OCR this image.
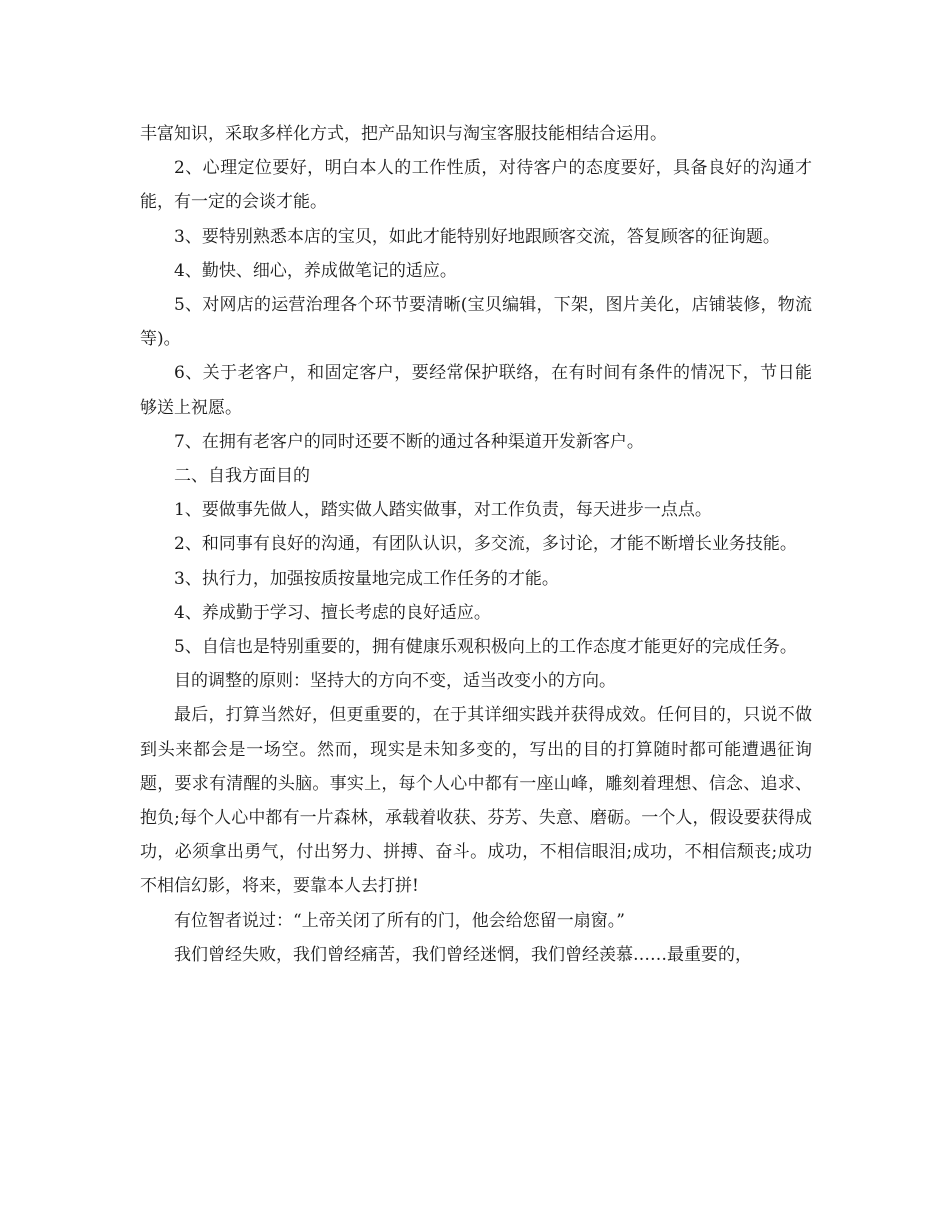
丰富知识，采取多样化方式，把产品知识与淘宝客服技能相结合运用。

2、心理定位要好，明白本人的工作性质，对待客户的态度要好，具备良好的沟通才能，有一定的会谈才能。

3、要特别熟悉本店的宝贝，如此才能特别好地跟顾客交流，答复顾客的征询题。

4、勤快、细心，养成做笔记的适应。

5、对网店的运营治理各个环节要清晰(宝贝编辑，下架，图片美化，店铺装修，物流等)。

6、关于老客户，和固定客户，要经常保护联络，在有时间有条件的情况下，节日能够送上祝愿。

7、在拥有老客户的同时还要不断的通过各种渠道开发新客户。

二、自我方面目的

1、要做事先做人，踏实做人踏实做事，对工作负责，每天进步一点点。

2、和同事有良好的沟通，有团队认识，多交流，多讨论，才能不断增长业务技能。

3、执行力，加强按质按量地完成工作任务的才能。

4、养成勤于学习、擅长考虑的良好适应。

5、自信也是特别重要的，拥有健康乐观积极向上的工作态度才能更好的完成任务。

目的调整的原则：坚持大的方向不变，适当改变小的方向。

最后，打算当然好，但更重要的，在于其详细实践并获得成效。任何目的，只说不做到头来都会是一场空。然而，现实是未知多变的，写出的目的打算随时都可能遭遇征询题，要求有清醒的头脑。事实上，每个人心中都有一座山峰，雕刻着理想、信念、追求、抱负;每个人心中都有一片森林，承载着收获、芬芳、失意、磨砺。一个人，假设要获得成功，必须拿出勇气，付出努力、拼搏、奋斗。成功，不相信眼泪;成功，不相信颓丧;成功不相信幻影，将来，要靠本人去打拼!

有位智者说过：“上帝关闭了所有的门，他会给您留一扇窗。”

我们曾经失败，我们曾经痛苦，我们曾经迷惘，我们曾经羡慕……最重要的，
